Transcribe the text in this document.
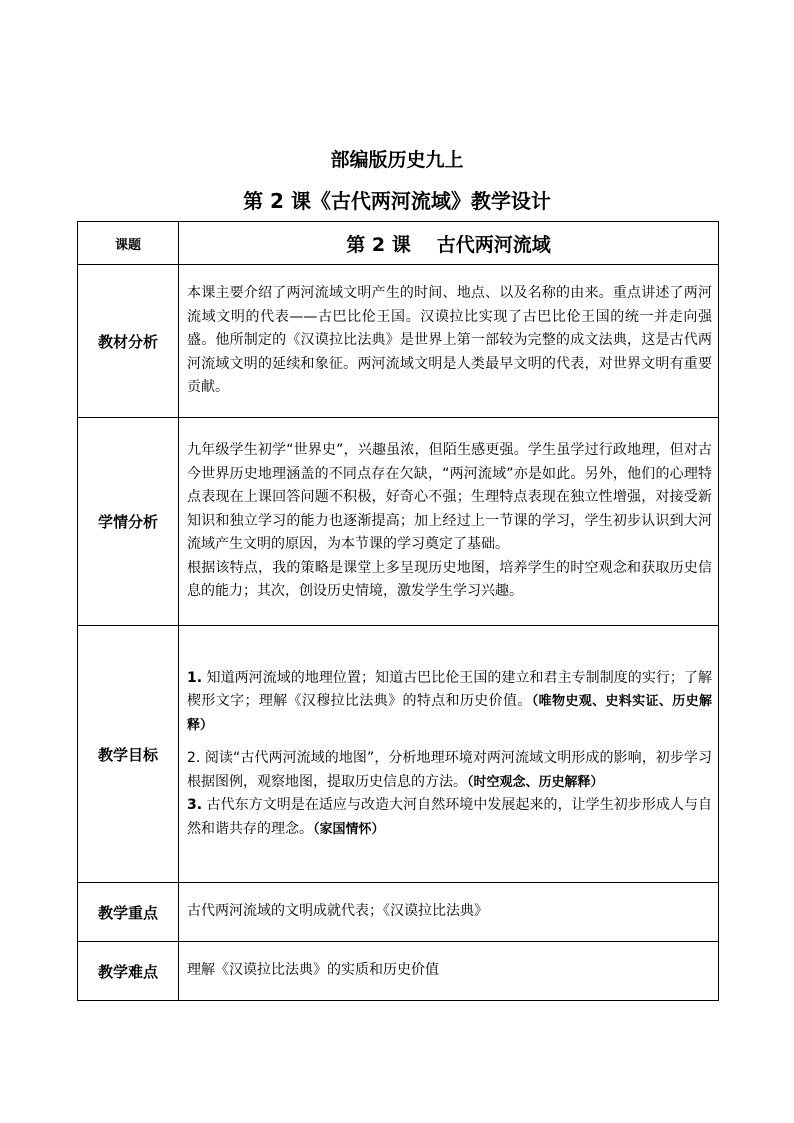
部编版历史九上
第 2 课《古代两河流域》教学设计
课题	第 2 课 古代两河流域
教材分析	本课主要介绍了两河流域文明产生的时间、地点、以及名称的由来。重点讲述了两河流域文明的代表——古巴比伦王国。汉谟拉比实现了古巴比伦王国的统一并走向强盛。他所制定的《汉谟拉比法典》是世界上第一部较为完整的成文法典，这是古代两河流域文明的延续和象征。两河流域文明是人类最早文明的代表，对世界文明有重要贡献。
学情分析	九年级学生初学“世界史”，兴趣虽浓，但陌生感更强。学生虽学过行政地理，但对古今世界历史地理涵盖的不同点存在欠缺，“两河流域”亦是如此。另外，他们的心理特点表现在上课回答问题不积极，好奇心不强；生理特点表现在独立性增强，对接受新知识和独立学习的能力也逐渐提高；加上经过上一节课的学习，学生初步认识到大河流域产生文明的原因，为本节课的学习奠定了基础。

根据该特点，我的策略是课堂上多呈现历史地图，培养学生的时空观念和获取历史信息的能力；其次，创设历史情境，激发学生学习兴趣。

教学目标	1. 知道两河流域的地理位置；知道古巴比伦王国的建立和君主专制制度的实行；了解楔形文字；理解《汉穆拉比法典》的特点和历史价值。（唯物史观、史料实证、历史解释）

2. 阅读“古代两河流域的地图”，分析地理环境对两河流域文明形成的影响，初步学习根据图例，观察地图，提取历史信息的方法。（时空观念、历史解释）

3. 古代东方文明是在适应与改造大河自然环境中发展起来的，让学生初步形成人与自然和谐共存的理念。（家国情怀）

教学重点	古代两河流域的文明成就代表；《汉谟拉比法典》
教学难点	理解《汉谟拉比法典》的实质和历史价值
